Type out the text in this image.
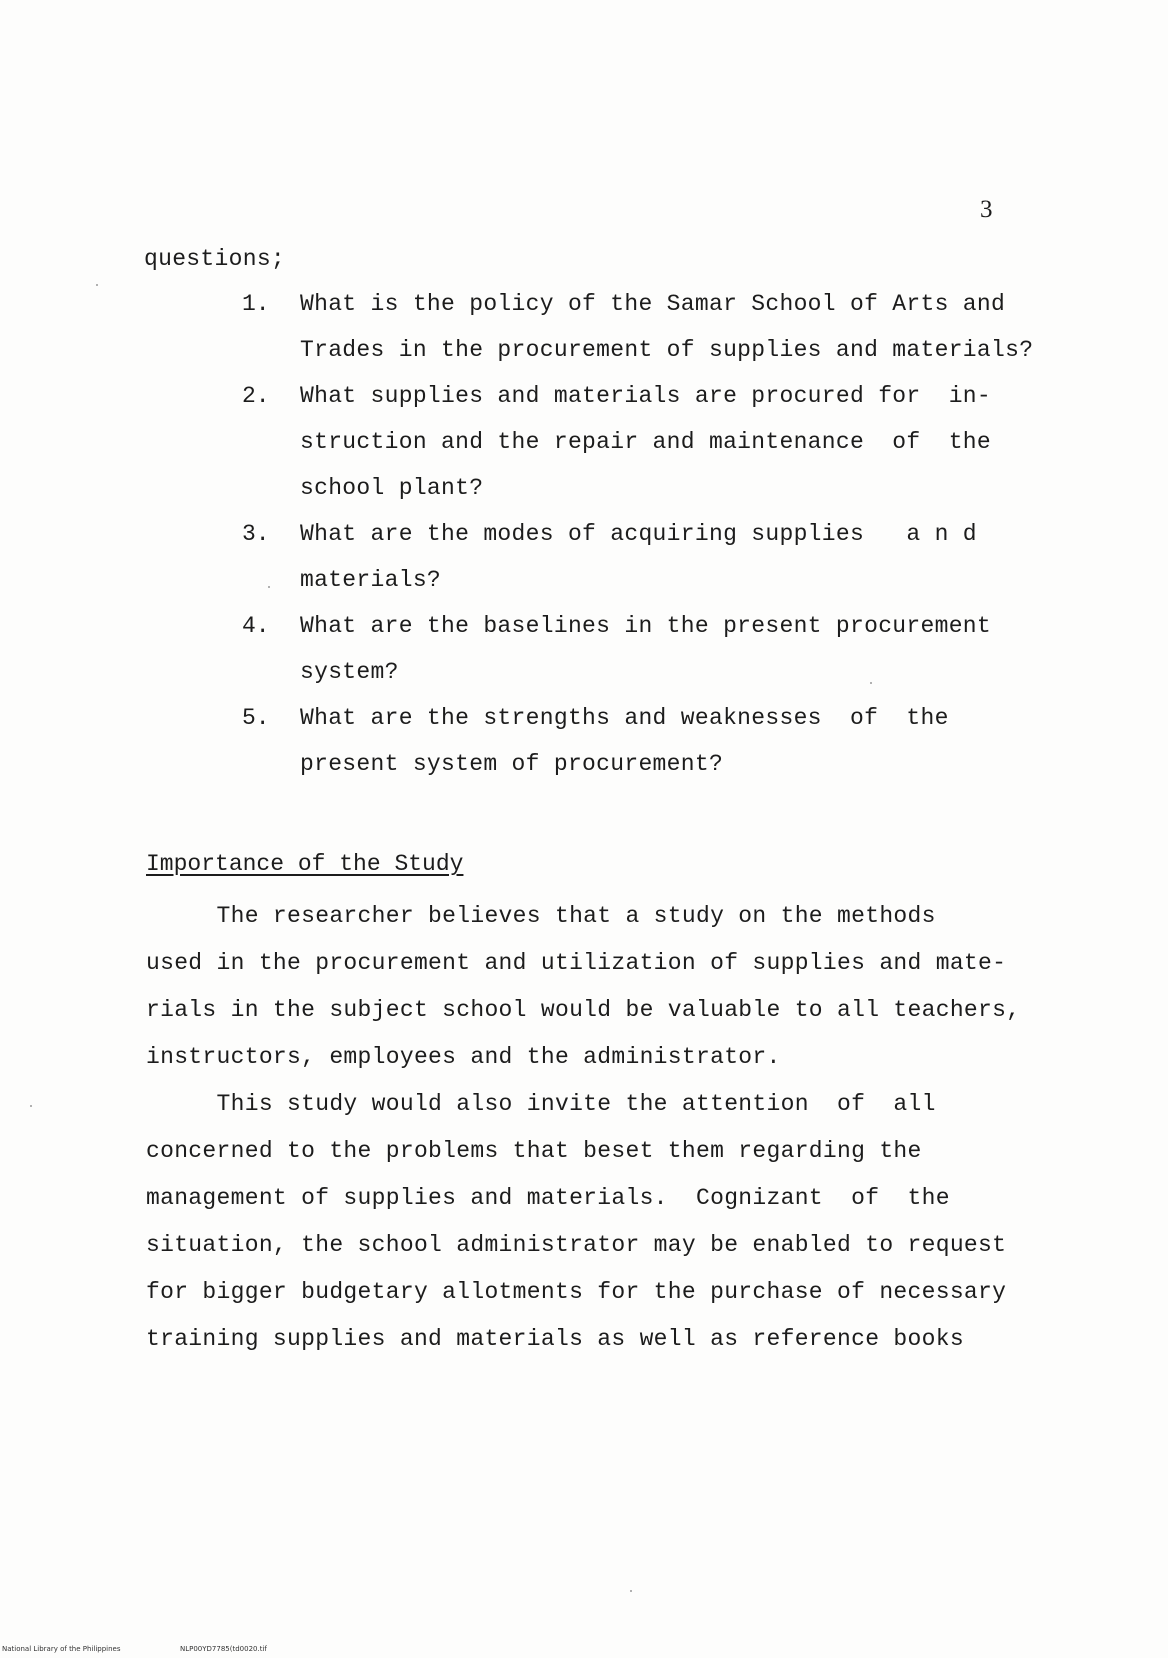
3
questions;
1. What is the policy of the Samar School of Arts and
Trades in the procurement of supplies and materials?
2. What supplies and materials are procured for  in-
struction and the repair and maintenance  of  the
school plant?
3. What are the modes of acquiring supplies   a n d
materials?
4. What are the baselines in the present procurement
system?
5. What are the strengths and weaknesses  of  the
present system of procurement?
Importance of the Study
The researcher believes that a study on the methods
used in the procurement and utilization of supplies and mate-
rials in the subject school would be valuable to all teachers,
instructors, employees and the administrator.
This study would also invite the attention  of  all
concerned to the problems that beset them regarding the
management of supplies and materials.  Cognizant  of  the
situation, the school administrator may be enabled to request
for bigger budgetary allotments for the purchase of necessary
training supplies and materials as well as reference books
National Library of the Philippines	NLP00YD7785(td0020.tif
